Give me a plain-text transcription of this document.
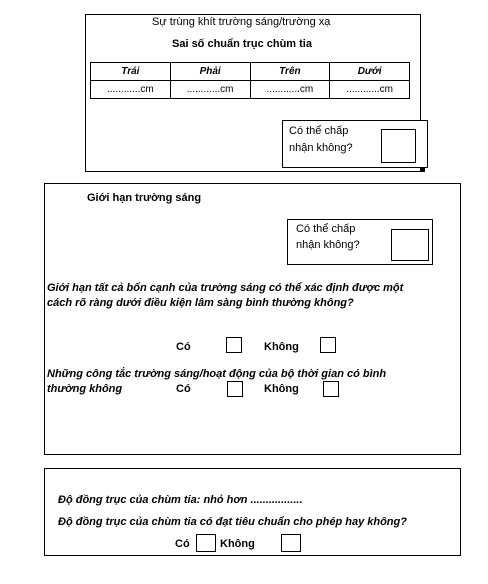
Sự trùng khít trường sáng/trường xạ
Sai số chuẩn trục chùm tia
Trái	Phải	Trên	Dưới
............cm	............cm	............cm	............cm
Có thể chấp
nhận không?
Giới hạn trường sáng
Có thể chấp
nhận không?
Giới hạn tất cả bốn cạnh của trường sáng có thể xác định được một
cách rõ ràng dưới điều kiện lâm sàng bình thường không?
Có	Không
Những công tắc trường sáng/hoạt động của bộ thời gian có bình
thường không	Có	Không
Độ đồng trục của chùm tia: nhỏ hơn .................
Độ đồng trục của chùm tia có đạt tiêu chuẩn cho phép hay không?
Có	Không
